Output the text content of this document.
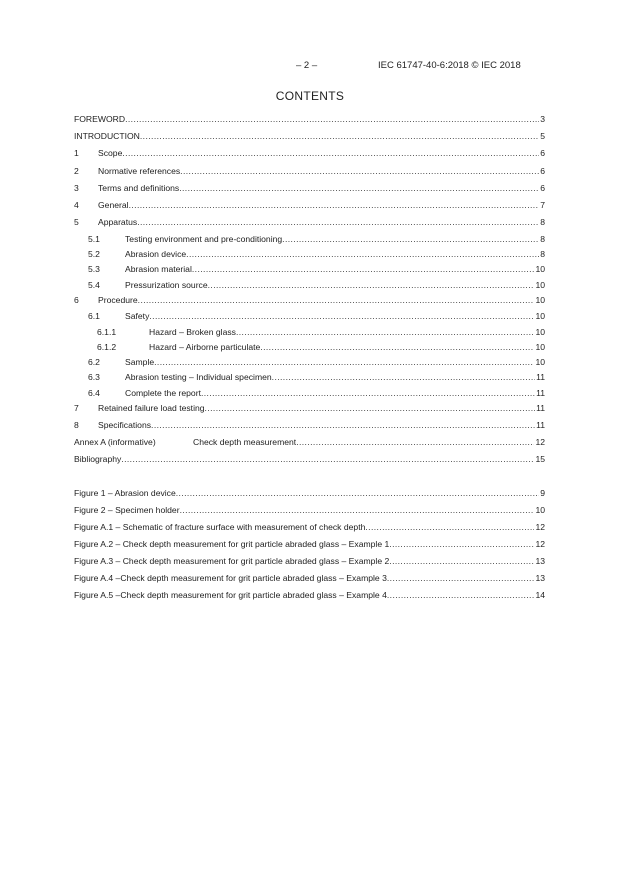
– 2 –	IEC 61747-40-6:2018 © IEC 2018
CONTENTS
FOREWORD .....	3
INTRODUCTION .....	5
1 Scope .....	6
2 Normative references .....	6
3 Terms and definitions .....	6
4 General .....	7
5 Apparatus .....	8
5.1	Testing environment and pre-conditioning .....	8
5.2	Abrasion device .....	8
5.3	Abrasion material .....	10
5.4	Pressurization source .....	10
6 Procedure .....	10
6.1	Safety .....	10
6.1.1	Hazard – Broken glass .....	10
6.1.2	Hazard – Airborne particulate .....	10
6.2	Sample .....	10
6.3	Abrasion testing – Individual specimen .....	11
6.4	Complete the report .....	11
7 Retained failure load testing .....	11
8 Specifications .....	11
Annex A (informative)	Check depth measurement .....	12
Bibliography .....	15
Figure 1 – Abrasion device .....	9
Figure 2 – Specimen holder .....	10
Figure A.1 – Schematic of fracture surface with measurement of check depth .....	12
Figure A.2 – Check depth measurement for grit particle abraded glass – Example 1 .....	12
Figure A.3 – Check depth measurement for grit particle abraded glass – Example 2 .....	13
Figure A.4 –Check depth measurement for grit particle abraded glass – Example 3 .....	13
Figure A.5 –Check depth measurement for grit particle abraded glass – Example 4 .....	14
